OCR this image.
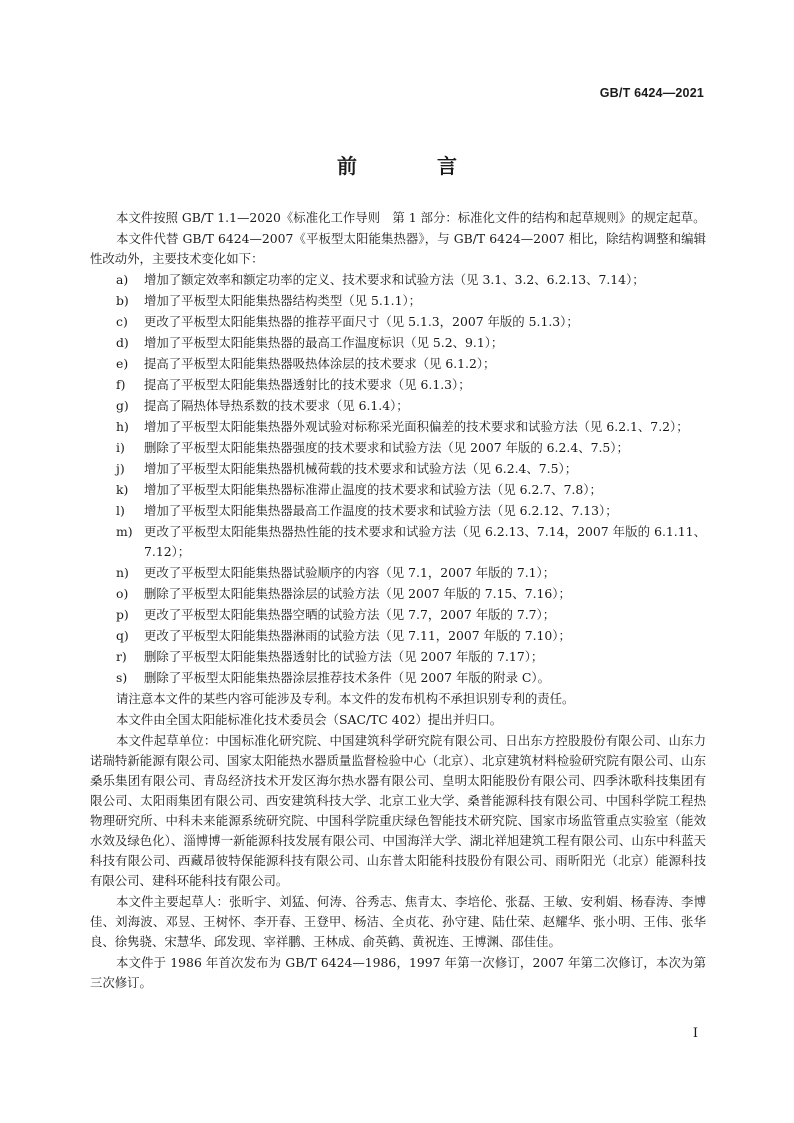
GB/T 6424—2021
前　言

本文件按照 GB/T 1.1—2020《标准化工作导则　第 1 部分：标准化文件的结构和起草规则》的规定起草。

本文件代替 GB/T 6424—2007《平板型太阳能集热器》，与 GB/T 6424—2007 相比，除结构调整和编辑性改动外，主要技术变化如下：

a)	增加了额定效率和额定功率的定义、技术要求和试验方法（见 3.1、3.2、6.2.13、7.14）；
b)	增加了平板型太阳能集热器结构类型（见 5.1.1）；
c)	更改了平板型太阳能集热器的推荐平面尺寸（见 5.1.3，2007 年版的 5.1.3）；
d)	增加了平板型太阳能集热器的最高工作温度标识（见 5.2、9.1）；
e)	提高了平板型太阳能集热器吸热体涂层的技术要求（见 6.1.2）；
f)	提高了平板型太阳能集热器透射比的技术要求（见 6.1.3）；
g)	提高了隔热体导热系数的技术要求（见 6.1.4）；
h)	增加了平板型太阳能集热器外观试验对标称采光面积偏差的技术要求和试验方法（见 6.2.1、7.2）；
i)	删除了平板型太阳能集热器强度的技术要求和试验方法（见 2007 年版的 6.2.4、7.5）；
j)	增加了平板型太阳能集热器机械荷载的技术要求和试验方法（见 6.2.4、7.5）；
k)	增加了平板型太阳能集热器标准滞止温度的技术要求和试验方法（见 6.2.7、7.8）；
l)	增加了平板型太阳能集热器最高工作温度的技术要求和试验方法（见 6.2.12、7.13）；
m) 更改了平板型太阳能集热器热性能的技术要求和试验方法（见 6.2.13、7.14，2007 年版的 6.1.11、7.12）；
n)	更改了平板型太阳能集热器试验顺序的内容（见 7.1，2007 年版的 7.1）；
o)	删除了平板型太阳能集热器涂层的试验方法（见 2007 年版的 7.15、7.16）；
p)	更改了平板型太阳能集热器空晒的试验方法（见 7.7，2007 年版的 7.7）；
q)	更改了平板型太阳能集热器淋雨的试验方法（见 7.11，2007 年版的 7.10）；
r)	删除了平板型太阳能集热器透射比的试验方法（见 2007 年版的 7.17）；
s)	删除了平板型太阳能集热器涂层推荐技术条件（见 2007 年版的附录 C）。

请注意本文件的某些内容可能涉及专利。本文件的发布机构不承担识别专利的责任。

本文件由全国太阳能标准化技术委员会（SAC/TC 402）提出并归口。

本文件起草单位：中国标准化研究院、中国建筑科学研究院有限公司、日出东方控股股份有限公司、山东力诺瑞特新能源有限公司、国家太阳能热水器质量监督检验中心（北京）、北京建筑材料检验研究院有限公司、山东桑乐集团有限公司、青岛经济技术开发区海尔热水器有限公司、皇明太阳能股份有限公司、四季沐歌科技集团有限公司、太阳雨集团有限公司、西安建筑科技大学、北京工业大学、桑普能源科技有限公司、中国科学院工程热物理研究所、中科未来能源系统研究院、中国科学院重庆绿色智能技术研究院、国家市场监管重点实验室（能效水效及绿色化）、淄博博一新能源科技发展有限公司、中国海洋大学、湖北祥旭建筑工程有限公司、山东中科蓝天科技有限公司、西藏昂彼特保能源科技有限公司、山东普太阳能科技股份有限公司、雨昕阳光（北京）能源科技有限公司、建科环能科技有限公司。

本文件主要起草人：张昕宇、刘猛、何涛、谷秀志、焦青太、李培伦、张磊、王敏、安利娟、杨春涛、李博佳、刘海波、邓昱、王树怀、李开春、王登甲、杨洁、全贞花、孙守建、陆仕荣、赵耀华、张小明、王伟、张华良、徐隽骁、宋慧华、邱发现、宰祥鹏、王林成、俞英鹤、黄祝连、王博渊、邵佳佳。

本文件于 1986 年首次发布为 GB/T 6424—1986，1997 年第一次修订，2007 年第二次修订，本次为第三次修订。

I
